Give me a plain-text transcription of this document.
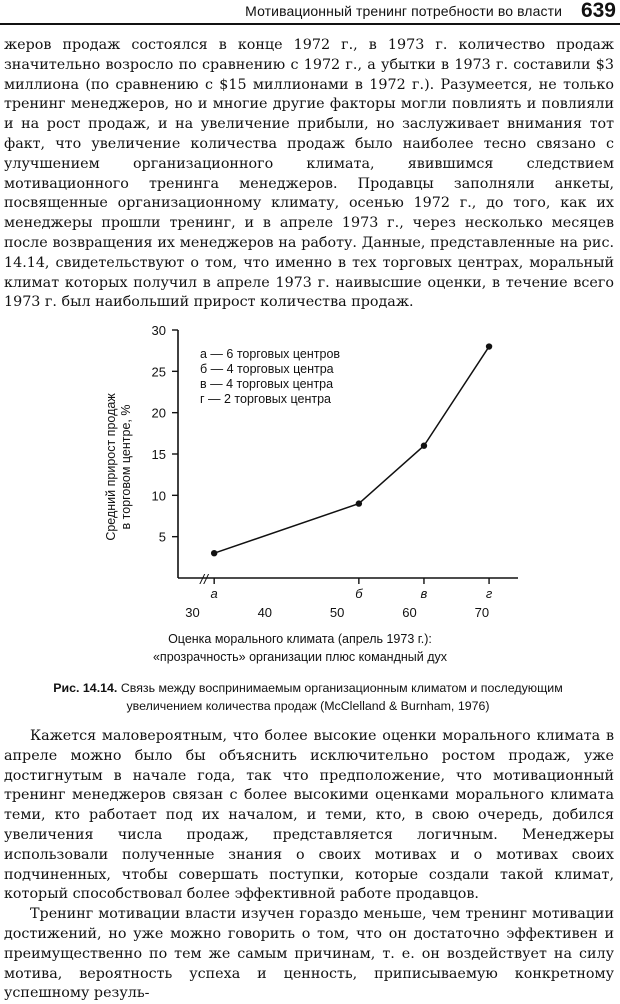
Мотивационный тренинг потребности во власти 639

жеров продаж состоялся в конце 1972 г., в 1973 г. количество продаж значительно возросло по сравнению с 1972 г., а убытки в 1973 г. составили $3 миллиона (по сравнению с $15 миллионами в 1972 г.). Разумеется, не только тренинг менеджеров, но и многие другие факторы могли повлиять и повлияли и на рост продаж, и на увеличение прибыли, но заслуживает внимания тот факт, что увеличение количества продаж было наиболее тесно связано с улучшением организационного климата, явившимся следствием мотивационного тренинга менеджеров. Продавцы заполняли анкеты, посвященные организационному климату, осенью 1972 г., до того, как их менеджеры прошли тренинг, и в апреле 1973 г., через несколько месяцев после возвращения их менеджеров на работу. Данные, представленные на рис. 14.14, свидетельствуют о том, что именно в тех торговых центрах, моральный климат которых получил в апреле 1973 г. наивысшие оценки, в течение всего 1973 г. был наибольший прирост количества продаж.

//
5
10
15
20
25
30
30	40	50	60	70
а	б	в	г
а — 6 торговых центров
б — 4 торговых центра
в — 4 торговых центра
г — 2 торговых центра
Средний прирост продаж в торговом центре, %
Оценка морального климата (апрель 1973 г.):
«прозрачность» организации плюс командный дух
Рис. 14.14. Связь между воспринимаемым организационным климатом и последующим увеличением количества продаж (McClelland & Burnham, 1976)

Кажется маловероятным, что более высокие оценки морального климата в апреле можно было бы объяснить исключительно ростом продаж, уже достигнутым в начале года, так что предположение, что мотивационный тренинг менеджеров связан с более высокими оценками морального климата теми, кто работает под их началом, и теми, кто, в свою очередь, добился увеличения числа продаж, представляется логичным. Менеджеры использовали полученные знания о своих мотивах и о мотивах своих подчиненных, чтобы совершать поступки, которые создали такой климат, который способствовал более эффективной работе продавцов.

Тренинг мотивации власти изучен гораздо меньше, чем тренинг мотивации достижений, но уже можно говорить о том, что он достаточно эффективен и преимущественно по тем же самым причинам, т. е. он воздействует на силу мотива, вероятность успеха и ценность, приписываемую конкретному успешному резуль-
